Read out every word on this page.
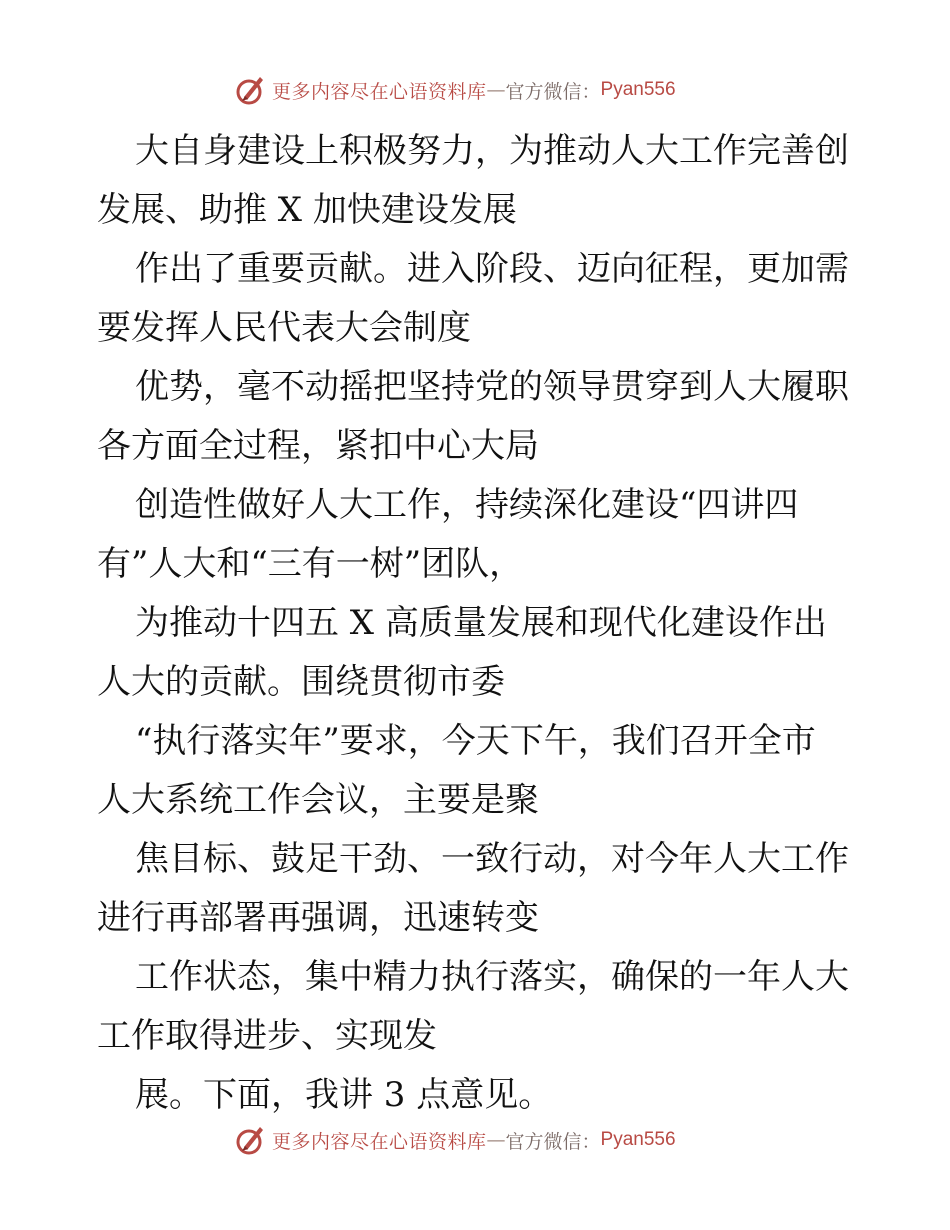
更多内容尽在心语资料库 — 官方微信： Pyan556
大自身建设上积极努力，为推动人大工作完善创
发展、助推 X 加快建设发展
作出了重要贡献。进入阶段、迈向征程，更加需
要发挥人民代表大会制度
优势，毫不动摇把坚持党的领导贯穿到人大履职
各方面全过程，紧扣中心大局
创造性做好人大工作，持续深化建设“四讲四
有”人大和“三有一树”团队，
为推动十四五 X 高质量发展和现代化建设作出
人大的贡献。围绕贯彻市委
“执行落实年”要求，今天下午，我们召开全市
人大系统工作会议，主要是聚
焦目标、鼓足干劲、一致行动，对今年人大工作
进行再部署再强调，迅速转变
工作状态，集中精力执行落实，确保的一年人大
工作取得进步、实现发
展。下面，我讲 3 点意见。
更多内容尽在心语资料库 — 官方微信： Pyan556
